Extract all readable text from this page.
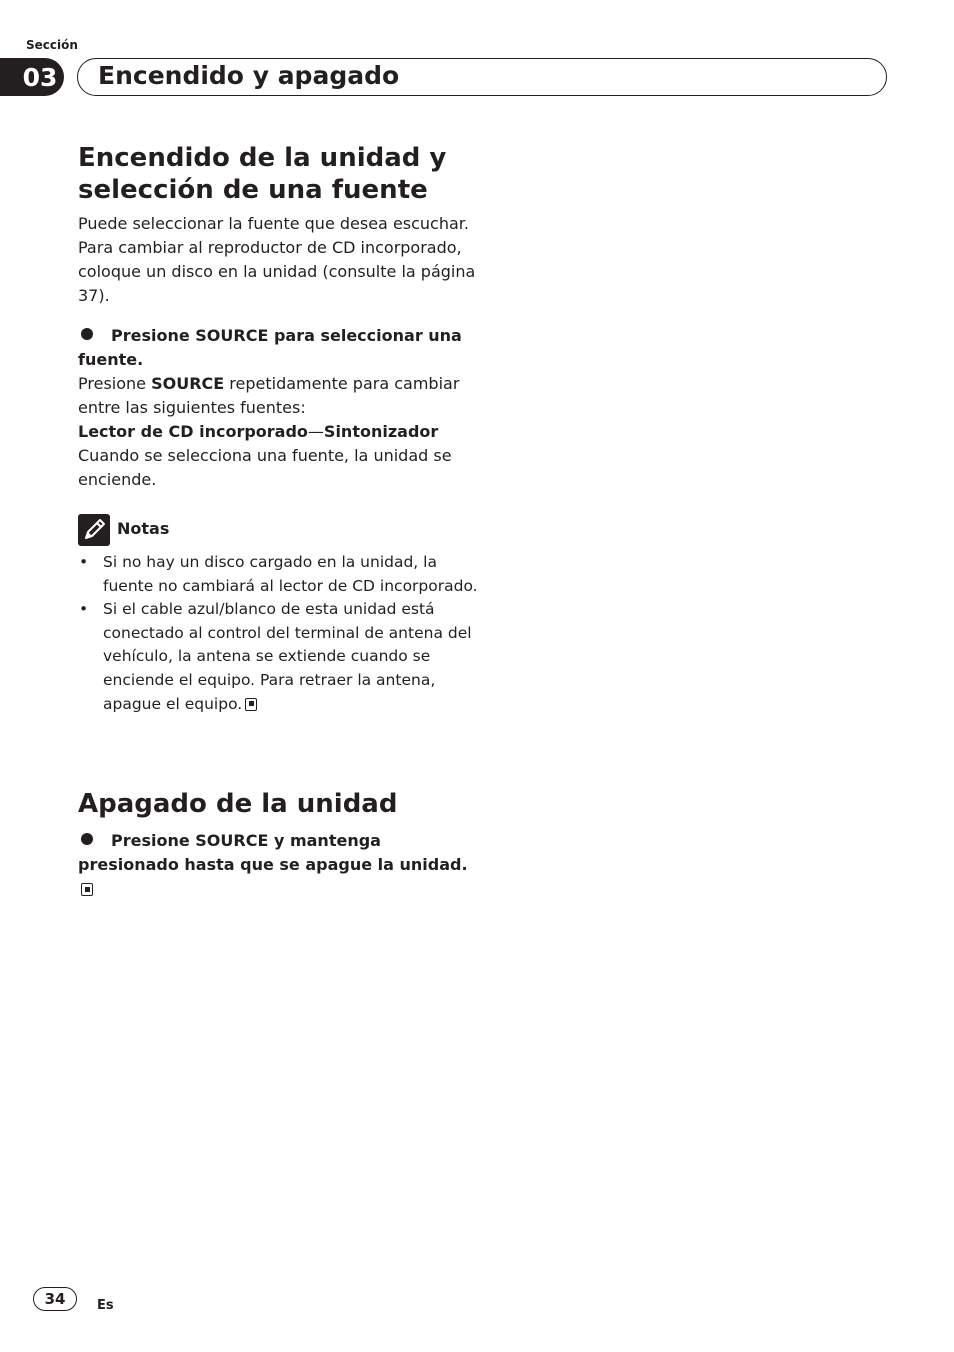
Sección
03 Encendido y apagado
Encendido de la unidad y selección de una fuente
Puede seleccionar la fuente que desea escuchar. Para cambiar al reproductor de CD incorporado, coloque un disco en la unidad (consulte la página 37).
Presione SOURCE para seleccionar una fuente.
Presione SOURCE repetidamente para cambiar entre las siguientes fuentes:
Lector de CD incorporado—Sintonizador
Cuando se selecciona una fuente, la unidad se enciende.
Notas
• Si no hay un disco cargado en la unidad, la fuente no cambiará al lector de CD incorporado.
• Si el cable azul/blanco de esta unidad está conectado al control del terminal de antena del vehículo, la antena se extiende cuando se enciende el equipo. Para retraer la antena, apague el equipo.
Apagado de la unidad
Presione SOURCE y mantenga presionado hasta que se apague la unidad.
34	Es
